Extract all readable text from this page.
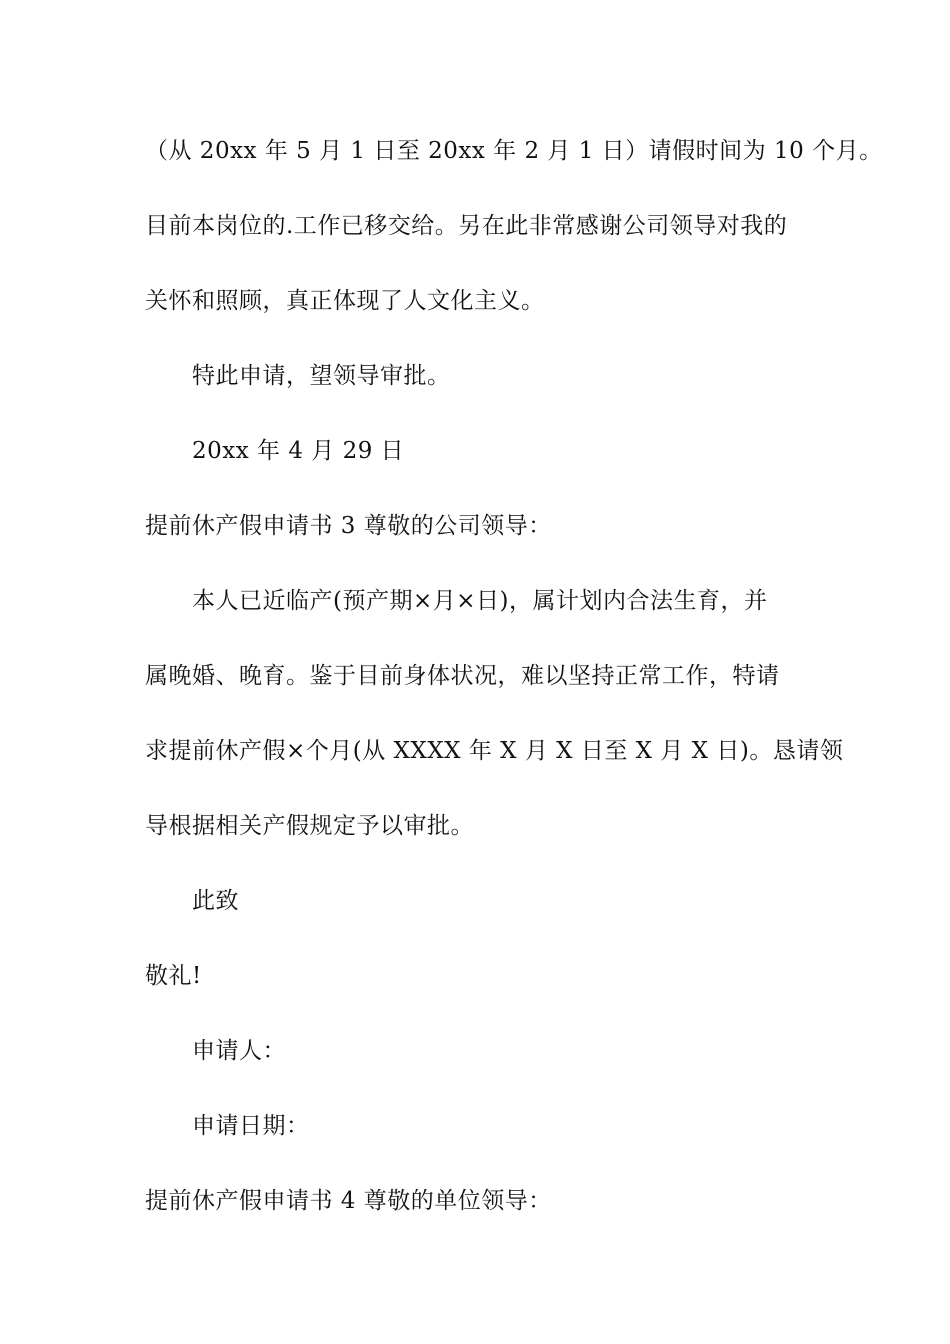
（从 20xx 年 5 月 1 日至 20xx 年 2 月 1 日）请假时间为 10 个月。

目前本岗位的.工作已移交给。另在此非常感谢公司领导对我的

关怀和照顾，真正体现了人文化主义。

特此申请，望领导审批。

20xx 年 4 月 29 日

提前休产假申请书 3 尊敬的公司领导：

本人已近临产(预产期×月×日)，属计划内合法生育，并

属晚婚、晚育。鉴于目前身体状况，难以坚持正常工作，特请

求提前休产假×个月(从 XXXX 年 X 月 X 日至 X 月 X 日)。恳请领

导根据相关产假规定予以审批。

此致

敬礼!

申请人：

申请日期：

提前休产假申请书 4 尊敬的单位领导：
